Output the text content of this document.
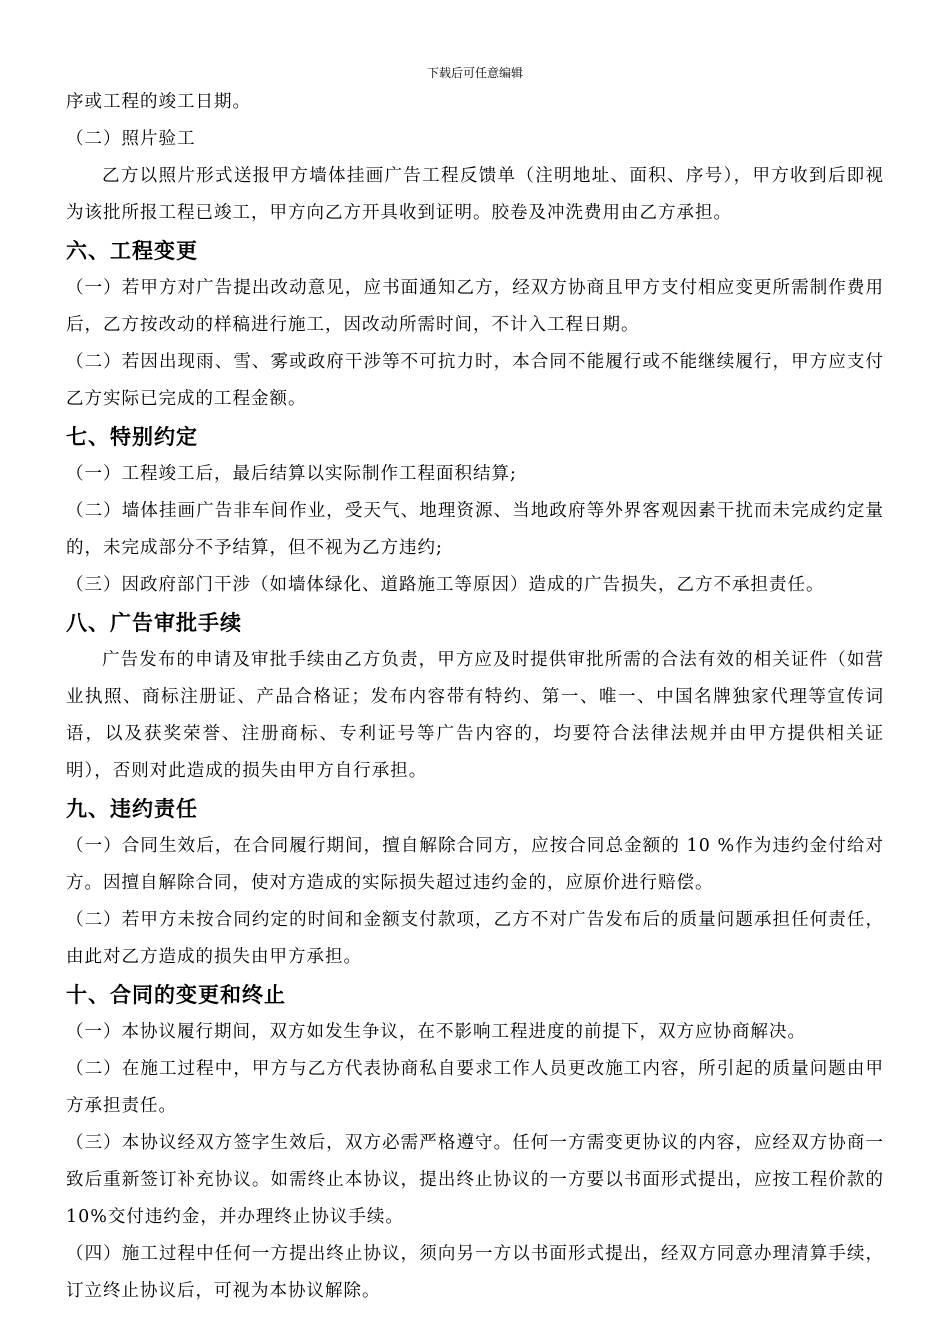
下载后可任意编辑

序或工程的竣工日期。

（二）照片验工

乙方以照片形式送报甲方墙体挂画广告工程反馈单（注明地址、面积、序号），甲方收到后即视为该批所报工程已竣工，甲方向乙方开具收到证明。胶卷及冲洗费用由乙方承担。

六、工程变更

（一）若甲方对广告提出改动意见，应书面通知乙方，经双方协商且甲方支付相应变更所需制作费用后，乙方按改动的样稿进行施工，因改动所需时间，不计入工程日期。

（二）若因出现雨、雪、雾或政府干涉等不可抗力时，本合同不能履行或不能继续履行，甲方应支付乙方实际已完成的工程金额。

七、特别约定

（一）工程竣工后，最后结算以实际制作工程面积结算;

（二）墙体挂画广告非车间作业，受天气、地理资源、当地政府等外界客观因素干扰而未完成约定量的，未完成部分不予结算，但不视为乙方违约;

（三）因政府部门干涉（如墙体绿化、道路施工等原因）造成的广告损失，乙方不承担责任。

八、广告审批手续

广告发布的申请及审批手续由乙方负责，甲方应及时提供审批所需的合法有效的相关证件（如营业执照、商标注册证、产品合格证；发布内容带有特约、第一、唯一、中国名牌独家代理等宣传词语，以及获奖荣誉、注册商标、专利证号等广告内容的，均要符合法律法规并由甲方提供相关证明），否则对此造成的损失由甲方自行承担。

九、违约责任

（一）合同生效后，在合同履行期间，擅自解除合同方，应按合同总金额的 10 %作为违约金付给对方。因擅自解除合同，使对方造成的实际损失超过违约金的，应原价进行赔偿。

（二）若甲方未按合同约定的时间和金额支付款项，乙方不对广告发布后的质量问题承担任何责任，由此对乙方造成的损失由甲方承担。

十、合同的变更和终止

（一）本协议履行期间，双方如发生争议，在不影响工程进度的前提下，双方应协商解决。

（二）在施工过程中，甲方与乙方代表协商私自要求工作人员更改施工内容，所引起的质量问题由甲方承担责任。

（三）本协议经双方签字生效后，双方必需严格遵守。任何一方需变更协议的内容，应经双方协商一致后重新签订补充协议。如需终止本协议，提出终止协议的一方要以书面形式提出，应按工程价款的10%交付违约金，并办理终止协议手续。

（四）施工过程中任何一方提出终止协议，须向另一方以书面形式提出，经双方同意办理清算手续，订立终止协议后，可视为本协议解除。
